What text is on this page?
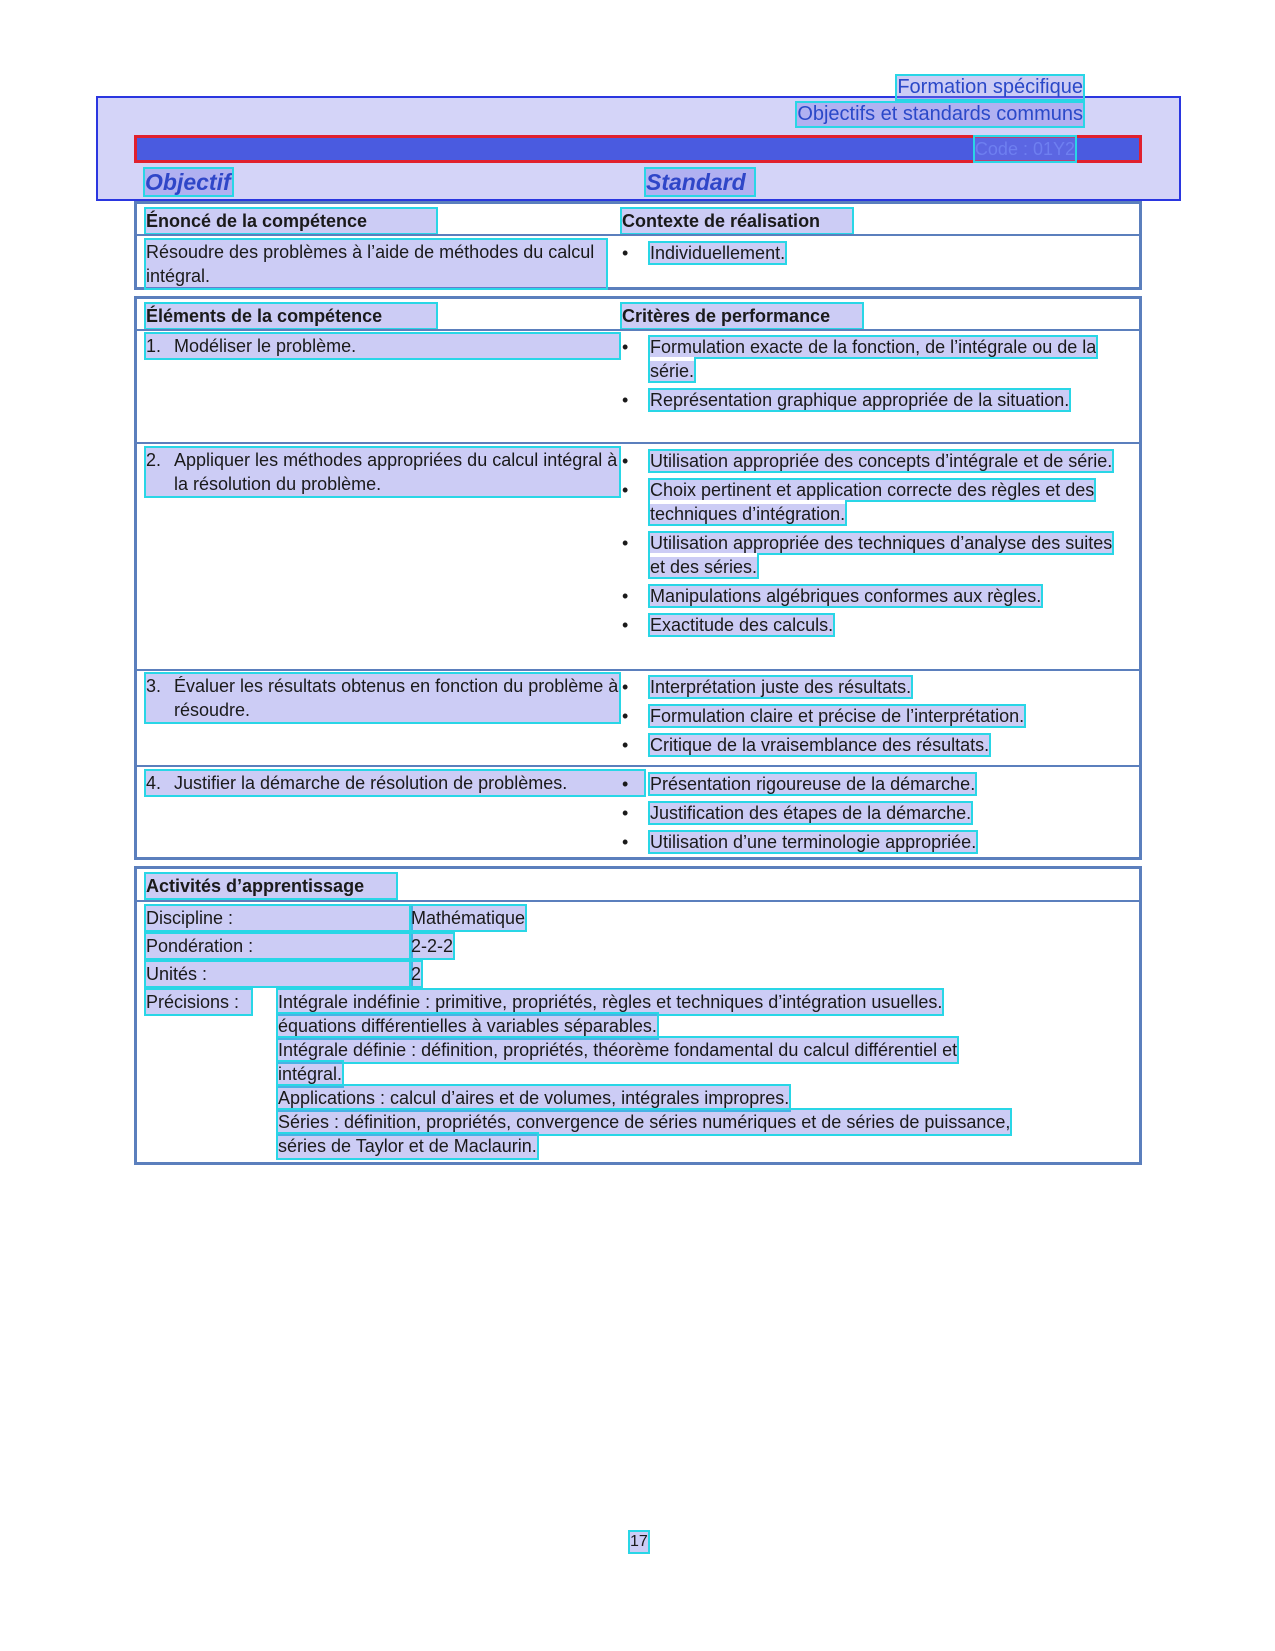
Formation spécifique
Objectifs et standards communs
Code : 01Y2
Objectif	Standard
Énoncé de la compétence	Contexte de réalisation
Résoudre des problèmes à l’aide de méthodes du calcul intégral.
• Individuellement.
Éléments de la compétence	Critères de performance
1. Modéliser le problème.	• Formulation exacte de la fonction, de l’intégrale ou de la série.
• Représentation graphique appropriée de la situation.
2. Appliquer les méthodes appropriées du calcul intégral à la résolution du problème.
• Utilisation appropriée des concepts d’intégrale et de série.
• Choix pertinent et application correcte des règles et des techniques d’intégration.
• Utilisation appropriée des techniques d’analyse des suites et des séries.
• Manipulations algébriques conformes aux règles.
• Exactitude des calculs.
3. Évaluer les résultats obtenus en fonction du problème à résoudre.
• Interprétation juste des résultats.
• Formulation claire et précise de l’interprétation.
• Critique de la vraisemblance des résultats.
4. Justifier la démarche de résolution de problèmes.	• Présentation rigoureuse de la démarche.
• Justification des étapes de la démarche.
• Utilisation d’une terminologie appropriée.
Activités d’apprentissage
Discipline :	Mathématique
Pondération :	2-2-2
Unités :	2
Précisions :	Intégrale indéfinie : primitive, propriétés, règles et techniques d’intégration usuelles.
équations différentielles à variables séparables.
Intégrale définie : définition, propriétés, théorème fondamental du calcul différentiel et
intégral.
Applications : calcul d’aires et de volumes, intégrales impropres.
Séries : définition, propriétés, convergence de séries numériques et de séries de puissance,
séries de Taylor et de Maclaurin.
17
